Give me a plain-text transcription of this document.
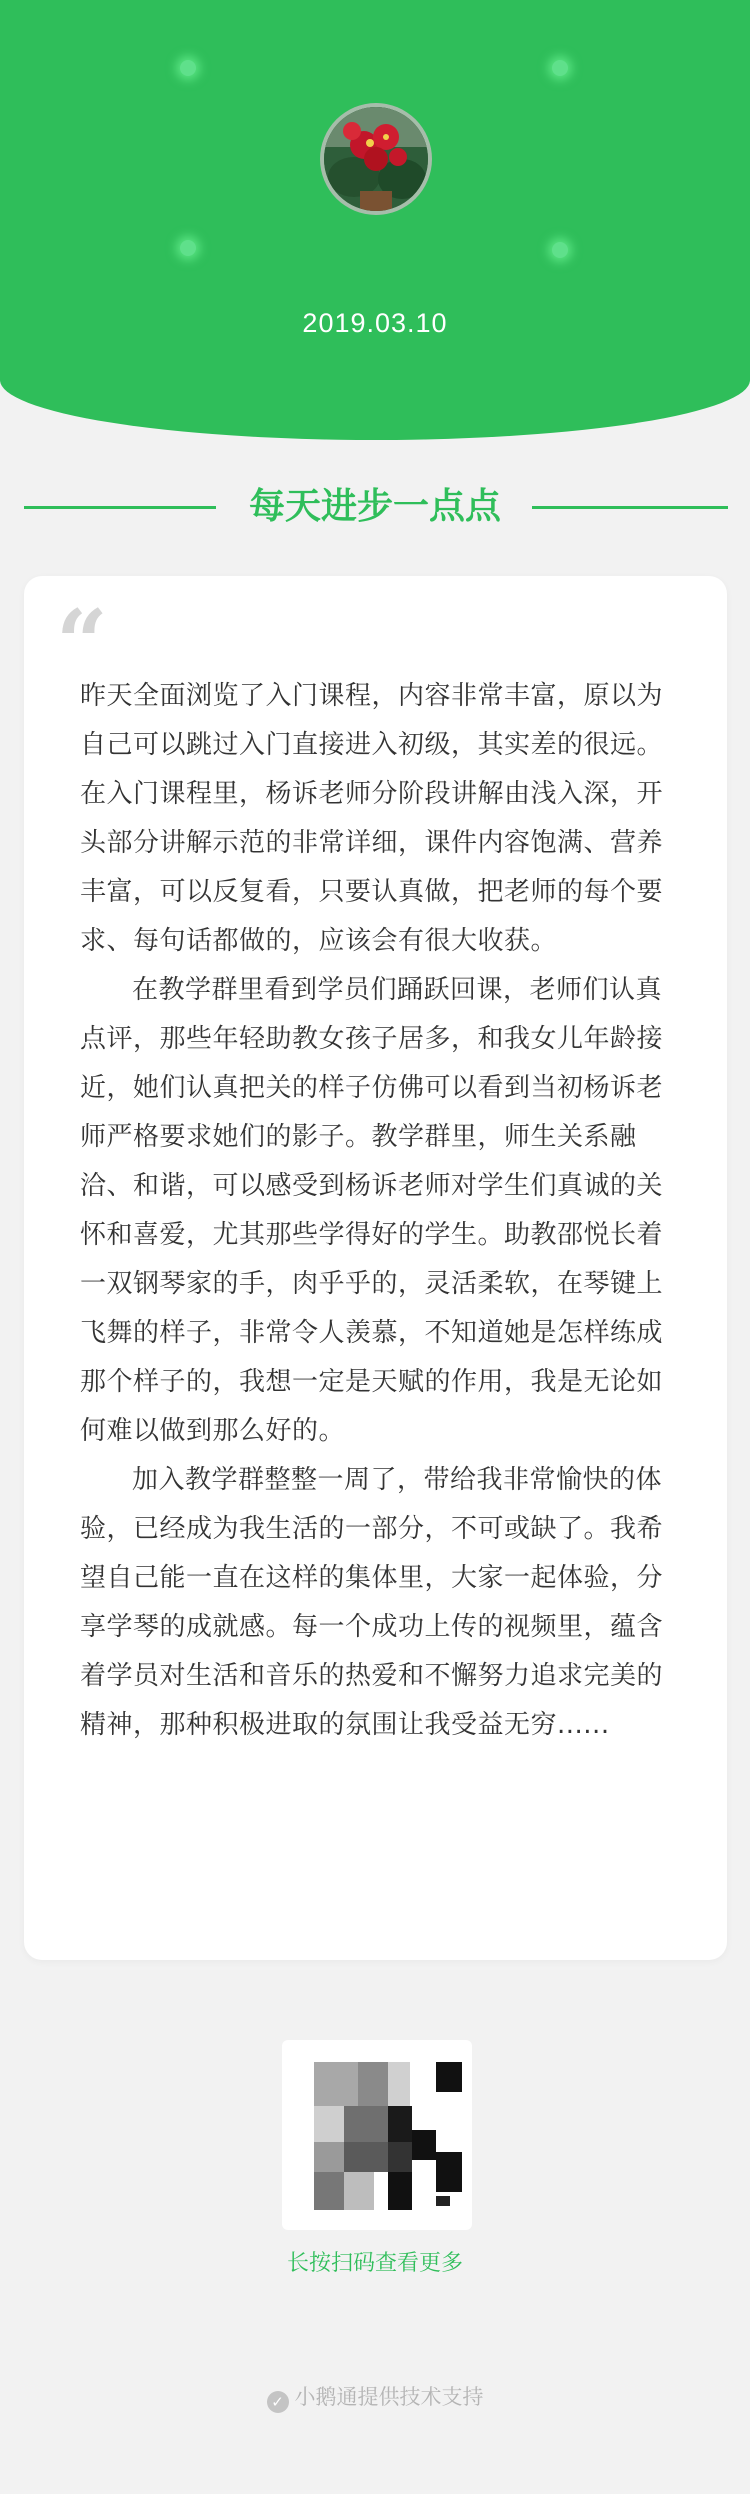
2019.03.10
每天进步一点点
“

昨天全面浏览了入门课程，内容非常丰富，原以为自己可以跳过入门直接进入初级，其实差的很远。在入门课程里，杨诉老师分阶段讲解由浅入深，开头部分讲解示范的非常详细，课件内容饱满、营养丰富，可以反复看，只要认真做，把老师的每个要求、每句话都做的，应该会有很大收获。

在教学群里看到学员们踊跃回课，老师们认真点评，那些年轻助教女孩子居多，和我女儿年龄接近，她们认真把关的样子仿佛可以看到当初杨诉老师严格要求她们的影子。教学群里，师生关系融洽、和谐，可以感受到杨诉老师对学生们真诚的关怀和喜爱，尤其那些学得好的学生。助教邵悦长着一双钢琴家的手，肉乎乎的，灵活柔软，在琴键上飞舞的样子，非常令人羡慕，不知道她是怎样练成那个样子的，我想一定是天赋的作用，我是无论如何难以做到那么好的。

加入教学群整整一周了，带给我非常愉快的体验，已经成为我生活的一部分，不可或缺了。我希望自己能一直在这样的集体里，大家一起体验，分享学琴的成就感。每一个成功上传的视频里，蕴含着学员对生活和音乐的热爱和不懈努力追求完美的精神，那种积极进取的氛围让我受益无穷......

长按扫码查看更多
✓ 小鹅通提供技术支持
